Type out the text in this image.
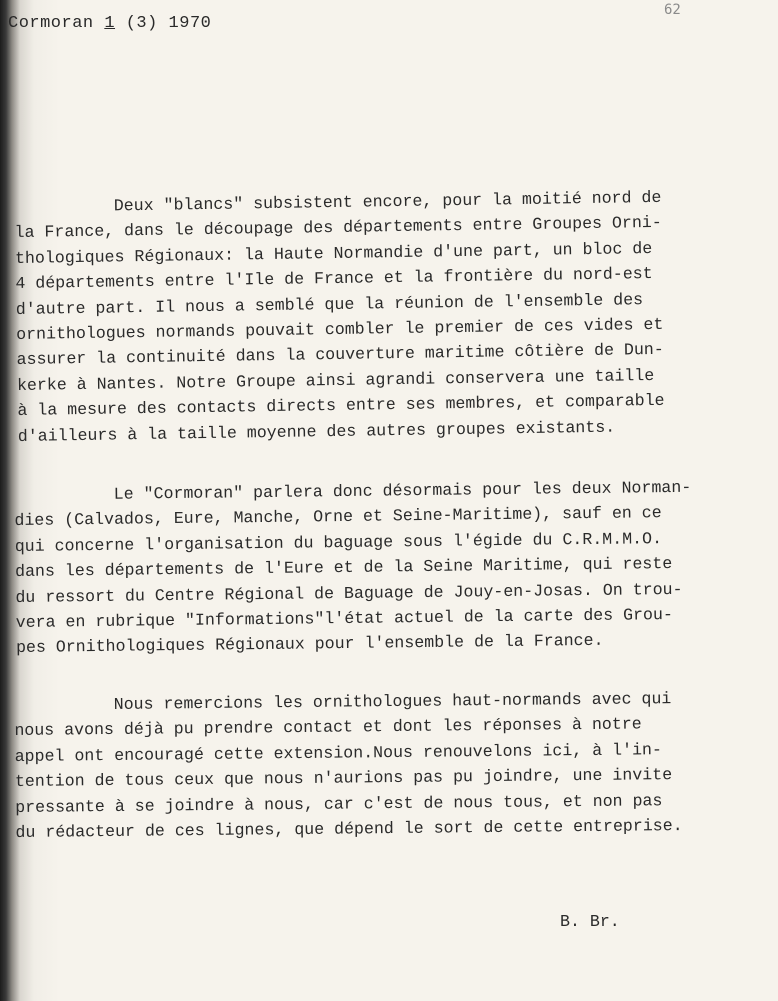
Cormoran 1 (3) 1970
62
Deux "blancs" subsistent encore, pour la moitié nord de
la France, dans le découpage des départements entre Groupes Orni-
thologiques Régionaux: la Haute Normandie d'une part, un bloc de
4 départements entre l'Ile de France et la frontière du nord-est
d'autre part. Il nous a semblé que la réunion de l'ensemble des
ornithologues normands pouvait combler le premier de ces vides et
assurer la continuité dans la couverture maritime côtière de Dun-
kerke à Nantes. Notre Groupe ainsi agrandi conservera une taille
à la mesure des contacts directs entre ses membres, et comparable
d'ailleurs à la taille moyenne des autres groupes existants.
Le "Cormoran" parlera donc désormais pour les deux Norman-
dies (Calvados, Eure, Manche, Orne et Seine-Maritime), sauf en ce
qui concerne l'organisation du baguage sous l'égide du C.R.M.M.O.
dans les départements de l'Eure et de la Seine Maritime, qui reste
du ressort du Centre Régional de Baguage de Jouy-en-Josas. On trou-
vera en rubrique "Informations"l'état actuel de la carte des Grou-
pes Ornithologiques Régionaux pour l'ensemble de la France.
Nous remercions les ornithologues haut-normands avec qui
nous avons déjà pu prendre contact et dont les réponses à notre
appel ont encouragé cette extension.Nous renouvelons ici, à l'in-
tention de tous ceux que nous n'aurions pas pu joindre, une invite
pressante à se joindre à nous, car c'est de nous tous, et non pas
du rédacteur de ces lignes, que dépend le sort de cette entreprise.
B. Br.
